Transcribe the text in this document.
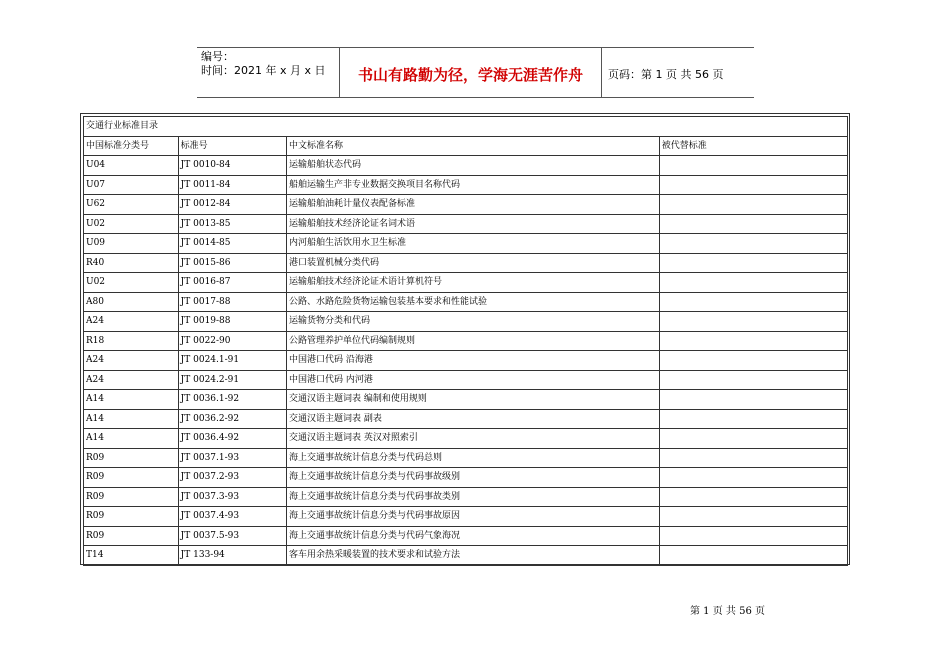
编号：
时间：2021 年 x 月 x 日	书山有路勤为径，学海无涯苦作舟	页码：第 1 页 共 56 页
交通行业标准目录			
中国标准分类号	标准号	中文标准名称	被代替标准
U04	JT 0010-84	运输船舶状态代码	
U07	JT 0011-84	船舶运输生产非专业数据交换项目名称代码	
U62	JT 0012-84	运输船舶油耗计量仪表配备标准	
U02	JT 0013-85	运输船舶技术经济论证名词术语	
U09	JT 0014-85	内河船舶生活饮用水卫生标准	
R40	JT 0015-86	港口装置机械分类代码	
U02	JT 0016-87	运输船舶技术经济论证术语计算机符号	
A80	JT 0017-88	公路、水路危险货物运输包装基本要求和性能试验	
A24	JT 0019-88	运输货物分类和代码	
R18	JT 0022-90	公路管理养护单位代码编制规则	
A24	JT 0024.1-91	中国港口代码 沿海港	
A24	JT 0024.2-91	中国港口代码 内河港	
A14	JT 0036.1-92	交通汉语主题词表 编制和使用规则	
A14	JT 0036.2-92	交通汉语主题词表 副表	
A14	JT 0036.4-92	交通汉语主题词表 英汉对照索引	
R09	JT 0037.1-93	海上交通事故统计信息分类与代码总则	
R09	JT 0037.2-93	海上交通事故统计信息分类与代码事故级别	
R09	JT 0037.3-93	海上交通事故统计信息分类与代码事故类别	
R09	JT 0037.4-93	海上交通事故统计信息分类与代码事故原因	
R09	JT 0037.5-93	海上交通事故统计信息分类与代码气象海况	
T14	JT 133-94	客车用余热采暖装置的技术要求和试验方法	
第 1 页 共 56 页
